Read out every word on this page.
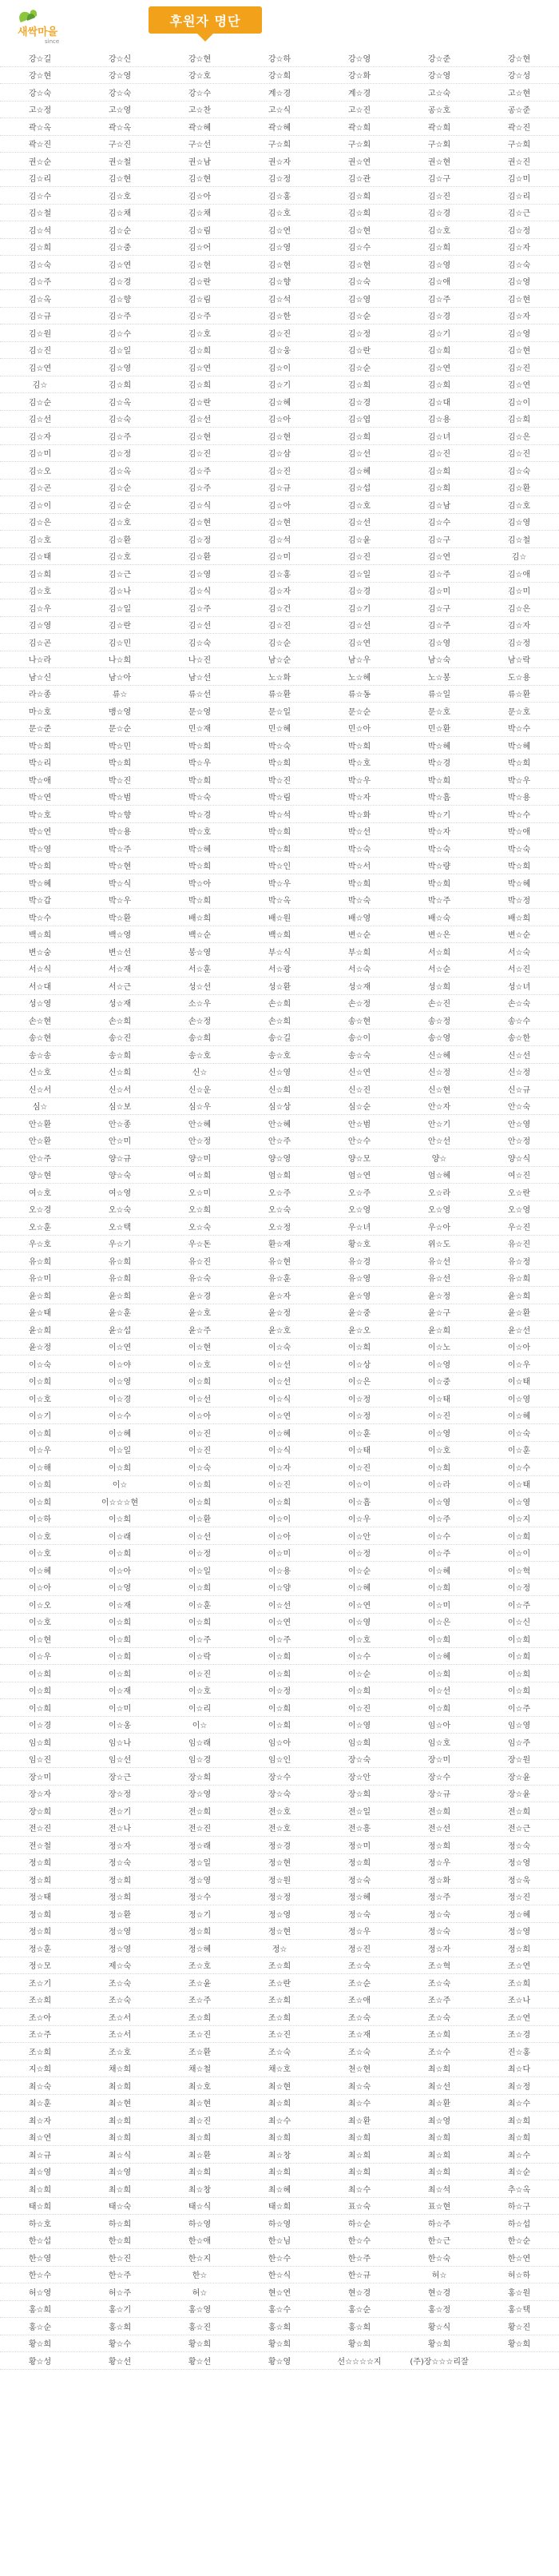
새싹마을
since
후원자 명단
강☆길	강☆신	강☆현	강☆하	강☆영	강☆준	강☆현
강☆현	강☆영	강☆호	강☆희	강☆화	강☆영	강☆성
강☆숙	강☆숙	강☆수	계☆경	계☆경	고☆숙	고☆현
고☆정	고☆영	고☆찬	고☆식	고☆진	공☆호	공☆준
곽☆옥	곽☆옥	곽☆혜	곽☆혜	곽☆희	곽☆희	곽☆진
곽☆진	구☆진	구☆선	구☆희	구☆회	구☆회	구☆희
권☆순	권☆철	권☆남	권☆자	권☆연	권☆현	권☆진
김☆리	김☆현	김☆현	김☆정	김☆관	김☆구	김☆미
김☆수	김☆호	김☆아	김☆홍	김☆희	김☆진	김☆리
김☆철	김☆채	김☆채	김☆호	김☆희	김☆경	김☆근
김☆석	김☆순	김☆림	김☆연	김☆현	김☆호	김☆정
김☆희	김☆중	김☆어	김☆영	김☆수	김☆희	김☆자
김☆숙	김☆연	김☆현	김☆현	김☆현	김☆영	김☆숙
김☆주	김☆경	김☆란	김☆향	김☆숙	김☆애	김☆영
김☆옥	김☆향	김☆림	김☆석	김☆영	김☆주	김☆현
김☆규	김☆주	김☆주	김☆한	김☆순	김☆경	김☆자
김☆원	김☆수	김☆호	김☆진	김☆정	김☆기	김☆영
김☆진	김☆일	김☆희	김☆웅	김☆란	김☆희	김☆현
김☆연	김☆영	김☆연	김☆이	김☆순	김☆연	김☆진
김☆	김☆희	김☆희	김☆기	김☆희	김☆희	김☆연
김☆순	김☆옥	김☆란	김☆혜	김☆경	김☆대	김☆이
김☆선	김☆숙	김☆선	김☆아	김☆엽	김☆용	김☆희
김☆자	김☆주	김☆현	김☆현	김☆희	김☆녀	김☆은
김☆미	김☆정	김☆진	김☆삼	김☆선	김☆진	김☆진
김☆오	김☆옥	김☆주	김☆진	김☆혜	김☆희	김☆숙
김☆곤	김☆순	김☆주	김☆규	김☆섭	김☆희	김☆환
김☆이	김☆순	김☆식	김☆아	김☆호	김☆남	김☆호
김☆은	김☆호	김☆현	김☆현	김☆선	김☆수	김☆영
김☆호	김☆환	김☆정	김☆석	김☆윤	김☆구	김☆철
김☆태	김☆호	김☆환	김☆미	김☆진	김☆연	김☆
김☆희	김☆근	김☆영	김☆홍	김☆일	김☆주	김☆애
김☆호	김☆나	김☆식	김☆자	김☆경	김☆미	김☆미
김☆우	김☆일	김☆주	김☆건	김☆기	김☆구	김☆은
김☆영	김☆란	김☆선	김☆진	김☆선	김☆주	김☆자
김☆곤	김☆민	김☆숙	김☆순	김☆연	김☆영	김☆정
나☆라	나☆희	나☆진	남☆순	남☆우	남☆숙	남☆락
남☆신	남☆아	남☆선	노☆화	노☆혜	노☆봉	도☆용
라☆종	류☆	류☆선	류☆환	류☆동	류☆일	류☆환
마☆호	맹☆영	문☆영	문☆일	문☆순	문☆호	문☆호
문☆준	문☆순	민☆재	민☆혜	민☆아	민☆환	박☆수
박☆희	박☆민	박☆희	박☆숙	박☆희	박☆혜	박☆혜
박☆리	박☆희	박☆우	박☆희	박☆호	박☆경	박☆희
박☆애	박☆진	박☆희	박☆진	박☆우	박☆희	박☆우
박☆연	박☆범	박☆숙	박☆림	박☆자	박☆흠	박☆용
박☆호	박☆향	박☆경	박☆석	박☆화	박☆기	박☆수
박☆연	박☆용	박☆호	박☆희	박☆선	박☆자	박☆애
박☆영	박☆주	박☆혜	박☆희	박☆숙	박☆숙	박☆숙
박☆희	박☆현	박☆희	박☆인	박☆서	박☆량	박☆희
박☆혜	박☆식	박☆아	박☆우	박☆희	박☆희	박☆혜
박☆갑	박☆우	박☆희	박☆옥	박☆숙	박☆주	박☆정
박☆수	박☆환	배☆희	배☆원	배☆영	배☆숙	배☆희
백☆희	백☆영	백☆순	백☆희	변☆순	변☆은	변☆순
변☆숭	변☆선	봉☆영	부☆식	부☆희	서☆희	서☆숙
서☆식	서☆재	서☆훈	서☆광	서☆숙	서☆순	서☆진
서☆대	서☆근	성☆선	성☆환	성☆재	성☆희	성☆녀
성☆영	성☆재	소☆우	손☆희	손☆정	손☆진	손☆숙
손☆현	손☆희	손☆정	손☆희	송☆현	송☆정	송☆수
송☆현	송☆진	송☆희	송☆길	송☆이	송☆영	송☆한
송☆송	송☆희	송☆호	송☆호	송☆숙	신☆혜	신☆선
신☆호	신☆희	신☆	신☆영	신☆연	신☆정	신☆정
신☆서	신☆서	신☆운	신☆희	신☆진	신☆현	신☆규
심☆	심☆보	심☆우	심☆상	심☆순	안☆자	안☆숙
안☆환	안☆종	안☆혜	안☆혜	안☆범	안☆기	안☆영
안☆환	안☆미	안☆정	안☆주	안☆수	안☆선	안☆정
안☆주	양☆규	양☆미	양☆영	양☆모	양☆	양☆식
양☆현	양☆숙	여☆희	엄☆희	엄☆연	엄☆혜	여☆진
여☆호	여☆영	오☆미	오☆주	오☆주	오☆라	오☆란
오☆경	오☆숙	오☆희	오☆숙	오☆영	오☆영	오☆영
오☆훈	오☆택	오☆숙	오☆정	우☆녀	우☆아	우☆진
우☆호	우☆기	우☆돈	환☆재	황☆호	위☆도	유☆진
유☆희	유☆희	유☆진	유☆현	유☆경	유☆선	유☆정
유☆미	유☆희	유☆숙	유☆훈	유☆영	유☆선	유☆희
윤☆희	윤☆희	윤☆경	윤☆자	윤☆영	윤☆정	윤☆희
윤☆태	윤☆훈	윤☆호	윤☆정	윤☆중	윤☆구	윤☆환
윤☆희	윤☆섭	윤☆주	윤☆호	윤☆오	윤☆희	윤☆선
윤☆정	이☆연	이☆현	이☆숙	이☆희	이☆노	이☆아
이☆숙	이☆야	이☆호	이☆선	이☆상	이☆영	이☆우
이☆희	이☆영	이☆희	이☆선	이☆은	이☆중	이☆태
이☆호	이☆경	이☆선	이☆식	이☆정	이☆태	이☆영
이☆기	이☆수	이☆아	이☆연	이☆정	이☆진	이☆혜
이☆희	이☆혜	이☆진	이☆혜	이☆훈	이☆영	이☆숙
이☆우	이☆일	이☆진	이☆식	이☆태	이☆호	이☆훈
이☆해	이☆희	이☆숙	이☆자	이☆진	이☆희	이☆수
이☆희	이☆	이☆희	이☆진	이☆이	이☆라	이☆태
이☆희	이☆☆☆현	이☆희	이☆희	이☆흠	이☆영	이☆영
이☆하	이☆희	이☆환	이☆이	이☆우	이☆주	이☆지
이☆호	이☆래	이☆선	이☆아	이☆안	이☆수	이☆희
이☆호	이☆희	이☆정	이☆미	이☆정	이☆주	이☆이
이☆혜	이☆아	이☆일	이☆용	이☆순	이☆혜	이☆혁
이☆아	이☆영	이☆희	이☆양	이☆혜	이☆희	이☆정
이☆오	이☆재	이☆훈	이☆선	이☆연	이☆미	이☆주
이☆호	이☆희	이☆희	이☆연	이☆영	이☆은	이☆신
이☆현	이☆희	이☆주	이☆주	이☆호	이☆희	이☆희
이☆우	이☆희	이☆락	이☆희	이☆수	이☆혜	이☆희
이☆희	이☆희	이☆진	이☆희	이☆순	이☆희	이☆희
이☆희	이☆재	이☆호	이☆정	이☆희	이☆선	이☆희
이☆희	이☆미	이☆리	이☆희	이☆진	이☆희	이☆주
이☆경	이☆옹	이☆	이☆희	이☆영	임☆아	임☆영
임☆희	임☆나	임☆래	임☆아	임☆희	임☆호	임☆주
임☆진	임☆선	임☆경	임☆인	장☆숙	장☆미	장☆원
장☆미	장☆근	장☆희	장☆수	장☆안	장☆수	장☆윤
장☆자	장☆정	장☆영	장☆숙	장☆희	장☆규	장☆윤
장☆희	전☆기	전☆희	전☆호	전☆일	전☆희	전☆희
전☆진	전☆나	전☆진	전☆호	전☆흥	전☆선	전☆근
전☆철	정☆자	정☆래	정☆경	정☆미	정☆희	정☆숙
정☆희	정☆숙	정☆일	정☆현	정☆희	정☆우	정☆영
정☆희	정☆희	정☆영	정☆원	정☆숙	정☆화	정☆욱
정☆태	정☆희	정☆수	정☆정	정☆혜	정☆주	정☆진
정☆희	정☆환	정☆기	정☆영	정☆숙	정☆숙	정☆혜
정☆희	정☆영	정☆희	정☆현	정☆우	정☆숙	정☆영
정☆훈	정☆영	정☆혜	정☆	정☆진	정☆자	정☆희
정☆모	제☆숙	조☆호	조☆희	조☆숙	조☆혁	조☆연
조☆기	조☆숙	조☆윤	조☆란	조☆순	조☆숙	조☆희
조☆희	조☆숙	조☆주	조☆희	조☆애	조☆주	조☆나
조☆아	조☆서	조☆희	조☆희	조☆숙	조☆숙	조☆연
조☆주	조☆서	조☆진	조☆진	조☆재	조☆희	조☆경
조☆희	조☆호	조☆환	조☆숙	조☆숙	조☆수	진☆홍
지☆희	채☆희	채☆철	채☆호	천☆현	최☆희	최☆다
최☆숙	최☆희	최☆호	최☆현	최☆숙	최☆선	최☆정
최☆훈	최☆현	최☆현	최☆희	최☆수	최☆환	최☆수
최☆자	최☆희	최☆진	최☆수	최☆환	최☆영	최☆희
최☆연	최☆희	최☆희	최☆희	최☆희	최☆희	최☆희
최☆규	최☆식	최☆환	최☆창	최☆희	최☆희	최☆수
최☆영	최☆영	최☆희	최☆희	최☆희	최☆희	최☆순
최☆희	최☆희	최☆창	최☆혜	최☆수	최☆석	추☆옥
태☆희	태☆숙	태☆식	태☆희	표☆숙	표☆현	하☆구
하☆호	하☆희	하☆영	하☆영	하☆순	하☆주	하☆섭
한☆섭	한☆희	한☆애	한☆님	한☆수	한☆근	한☆순
한☆영	한☆진	한☆지	한☆수	한☆주	한☆숙	한☆연
한☆수	한☆주	한☆	한☆식	한☆규	허☆	허☆하
허☆영	허☆주	허☆	현☆연	현☆경	현☆경	홍☆원
홍☆희	홍☆기	홍☆영	홍☆수	홍☆순	홍☆정	홍☆택
홍☆순	홍☆희	홍☆진	홍☆희	홍☆희	황☆식	황☆진
황☆희	황☆수	황☆희	황☆희	황☆희	황☆희	황☆희
황☆성	황☆선	황☆선	황☆영	선☆☆☆☆지	(주)장☆☆☆리잘
